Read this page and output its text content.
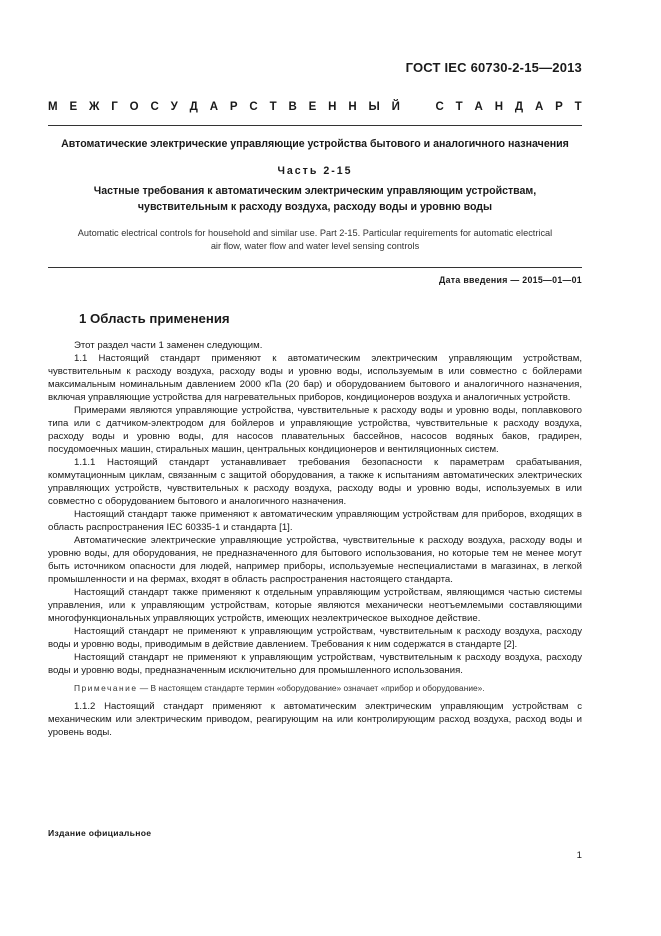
ГОСТ IEC 60730-2-15—2013
М Е Ж Г О С У Д А Р С Т В Е Н Н Ы Й	С Т А Н Д А Р Т
Автоматические электрические управляющие устройства бытового и аналогичного назначения
Часть 2-15
Частные требования к автоматическим электрическим управляющим устройствам,
чувствительным к расходу воздуха, расходу воды и уровню воды
Automatic electrical controls for household and similar use. Part 2-15. Particular requirements for automatic electrical
air flow, water flow and water level sensing controls
Дата введения — 2015—01—01
1 Область применения

Этот раздел части 1 заменен следующим.

1.1 Настоящий стандарт применяют к автоматическим электрическим управляющим устройствам, чувствительным к расходу воздуха, расходу воды и уровню воды, используемым в или совместно с бойлерами максимальным номинальным давлением 2000 кПа (20 бар) и оборудованием бытового и аналогичного назначения, включая управляющие устройства для нагревательных приборов, кондиционеров воздуха и аналогичных устройств.

Примерами являются управляющие устройства, чувствительные к расходу воды и уровню воды, поплавкового типа или с датчиком-электродом для бойлеров и управляющие устройства, чувствительные к расходу воздуха, расходу воды и уровню воды, для насосов плавательных бассейнов, насосов водяных баков, градирен, посудомоечных машин, стиральных машин, центральных кондиционеров и вентиляционных систем.

1.1.1 Настоящий стандарт устанавливает требования безопасности к параметрам срабатывания, коммутационным циклам, связанным с защитой оборудования, а также к испытаниям автоматических электрических управляющих устройств, чувствительных к расходу воздуха, расходу воды и уровню воды, используемых в или совместно с оборудованием бытового и аналогичного назначения.

Настоящий стандарт также применяют к автоматическим управляющим устройствам для приборов, входящих в область распространения IEC 60335-1 и стандарта [1].

Автоматические электрические управляющие устройства, чувствительные к расходу воздуха, расходу воды и уровню воды, для оборудования, не предназначенного для бытового использования, но которые тем не менее могут быть источником опасности для людей, например приборы, используемые неспециалистами в магазинах, в легкой промышленности и на фермах, входят в область распространения настоящего стандарта.

Настоящий стандарт также применяют к отдельным управляющим устройствам, являющимся частью системы управления, или к управляющим устройствам, которые являются механически неотъемлемыми составляющими многофункциональных управляющих устройств, имеющих неэлектрическое выходное действие.

Настоящий стандарт не применяют к управляющим устройствам, чувствительным к расходу воздуха, расходу воды и уровню воды, приводимым в действие давлением. Требования к ним содержатся в стандарте [2].

Настоящий стандарт не применяют к управляющим устройствам, чувствительным к расходу воздуха, расходу воды и уровню воды, предназначенным исключительно для промышленного использования.

Примечание — В настоящем стандарте термин «оборудование» означает «прибор и оборудование».

1.1.2 Настоящий стандарт применяют к автоматическим электрическим управляющим устройствам с механическим или электрическим приводом, реагирующим на или контролирующим расход воздуха, расход воды и уровень воды.

Издание официальное
1
